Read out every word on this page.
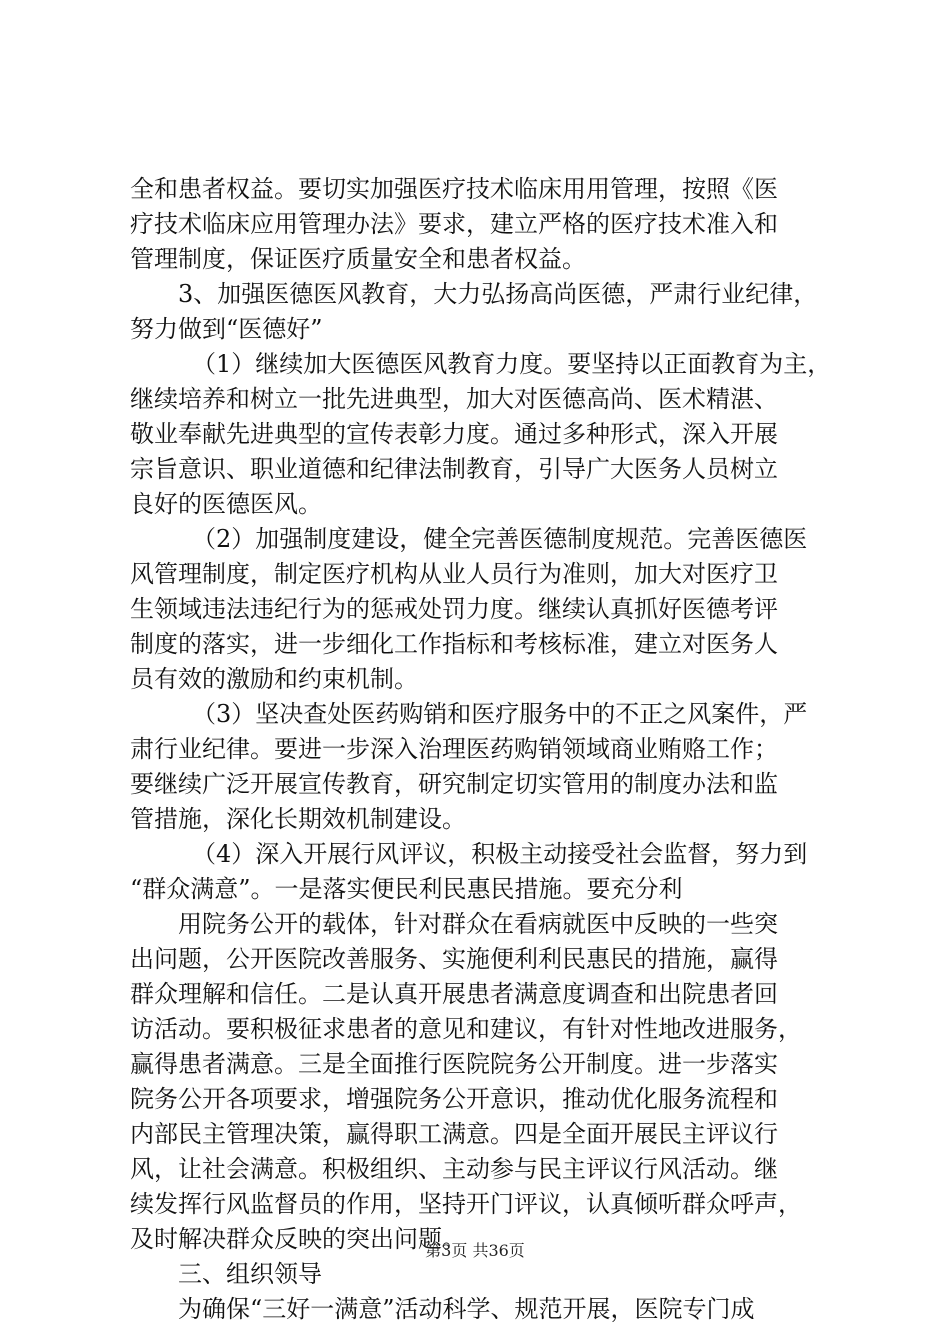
全和患者权益。要切实加强医疗技术临床用用管理，按照《医
疗技术临床应用管理办法》要求，建立严格的医疗技术准入和
管理制度，保证医疗质量安全和患者权益。
3、加强医德医风教育，大力弘扬高尚医德，严肃行业纪律，
努力做到“医德好”
（1）继续加大医德医风教育力度。要坚持以正面教育为主，
继续培养和树立一批先进典型，加大对医德高尚、医术精湛、
敬业奉献先进典型的宣传表彰力度。通过多种形式，深入开展
宗旨意识、职业道德和纪律法制教育，引导广大医务人员树立
良好的医德医风。
（2）加强制度建设，健全完善医德制度规范。完善医德医
风管理制度，制定医疗机构从业人员行为准则，加大对医疗卫
生领域违法违纪行为的惩戒处罚力度。继续认真抓好医德考评
制度的落实，进一步细化工作指标和考核标准，建立对医务人
员有效的激励和约束机制。
（3）坚决查处医药购销和医疗服务中的不正之风案件，严
肃行业纪律。要进一步深入治理医药购销领域商业贿赂工作；
要继续广泛开展宣传教育，研究制定切实管用的制度办法和监
管措施，深化长期效机制建设。
（4）深入开展行风评议，积极主动接受社会监督，努力到
“群众满意”。一是落实便民利民惠民措施。要充分利
用院务公开的载体，针对群众在看病就医中反映的一些突
出问题，公开医院改善服务、实施便利利民惠民的措施，赢得
群众理解和信任。二是认真开展患者满意度调查和出院患者回
访活动。要积极征求患者的意见和建议，有针对性地改进服务，
赢得患者满意。三是全面推行医院院务公开制度。进一步落实
院务公开各项要求，增强院务公开意识，推动优化服务流程和
内部民主管理决策，赢得职工满意。四是全面开展民主评议行
风，让社会满意。积极组织、主动参与民主评议行风活动。继
续发挥行风监督员的作用，坚持开门评议，认真倾听群众呼声，
及时解决群众反映的突出问题。
三、组织领导
为确保“三好一满意”活动科学、规范开展，医院专门成
第3页 共36页
